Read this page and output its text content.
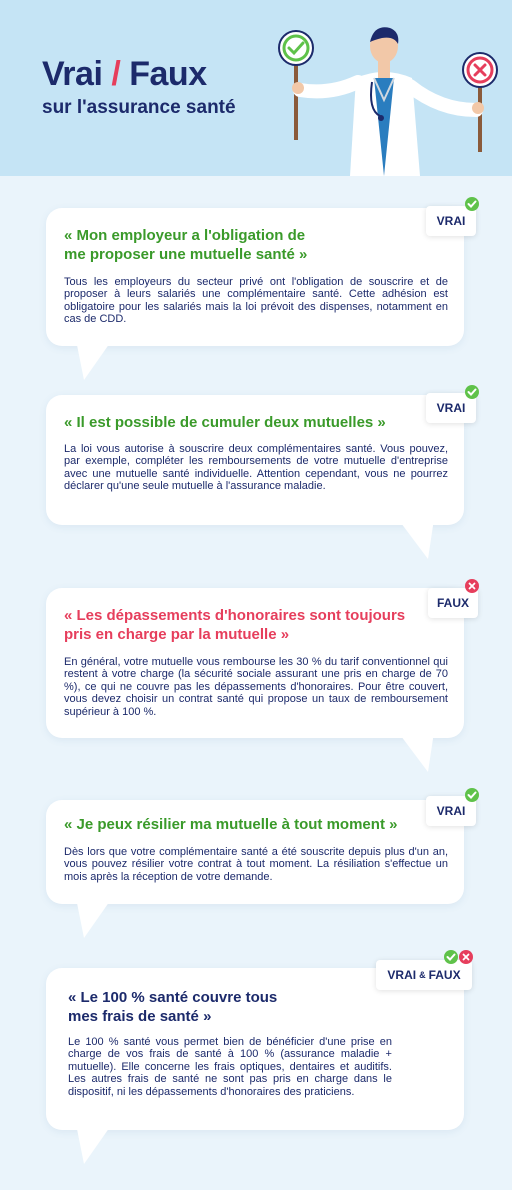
Vrai / Faux

sur l'assurance santé

« Mon employeur a l'obligation de
me proposer une mutuelle santé »

Tous les employeurs du secteur privé ont l'obligation de souscrire et de proposer à leurs salariés une complémentaire santé. Cette adhésion est obligatoire pour les salariés mais la loi prévoit des dispenses, notamment en cas de CDD.

VRAI

« Il est possible de cumuler deux mutuelles »

La loi vous autorise à souscrire deux complémentaires santé. Vous pouvez, par exemple, compléter les remboursements de votre mutuelle d'entreprise avec une mutuelle santé individuelle. Attention cependant, vous ne pourrez déclarer qu'une seule mutuelle à l'assurance maladie.

VRAI

« Les dépassements d'honoraires sont toujours
pris en charge par la mutuelle »

En général, votre mutuelle vous rembourse les 30 % du tarif conventionnel qui restent à votre charge (la sécurité sociale assurant une pris en charge de 70 %), ce qui ne couvre pas les dépassements d'honoraires. Pour être couvert, vous devez choisir un contrat santé qui propose un taux de remboursement supérieur à 100 %.

FAUX

« Je peux résilier ma mutuelle à tout moment »

Dès lors que votre complémentaire santé a été souscrite depuis plus d'un an, vous pouvez résilier votre contrat à tout moment. La résiliation s'effectue un mois après la réception de votre demande.

VRAI

« Le 100 % santé couvre tous
mes frais de santé »

Le 100 % santé vous permet bien de bénéficier d'une prise en charge de vos frais de santé à 100 % (assurance maladie + mutuelle). Elle concerne les frais optiques, dentaires et auditifs. Les autres frais de santé ne sont pas pris en charge dans le dispositif, ni les dépassements d'honoraires des praticiens.

VRAI & FAUX
